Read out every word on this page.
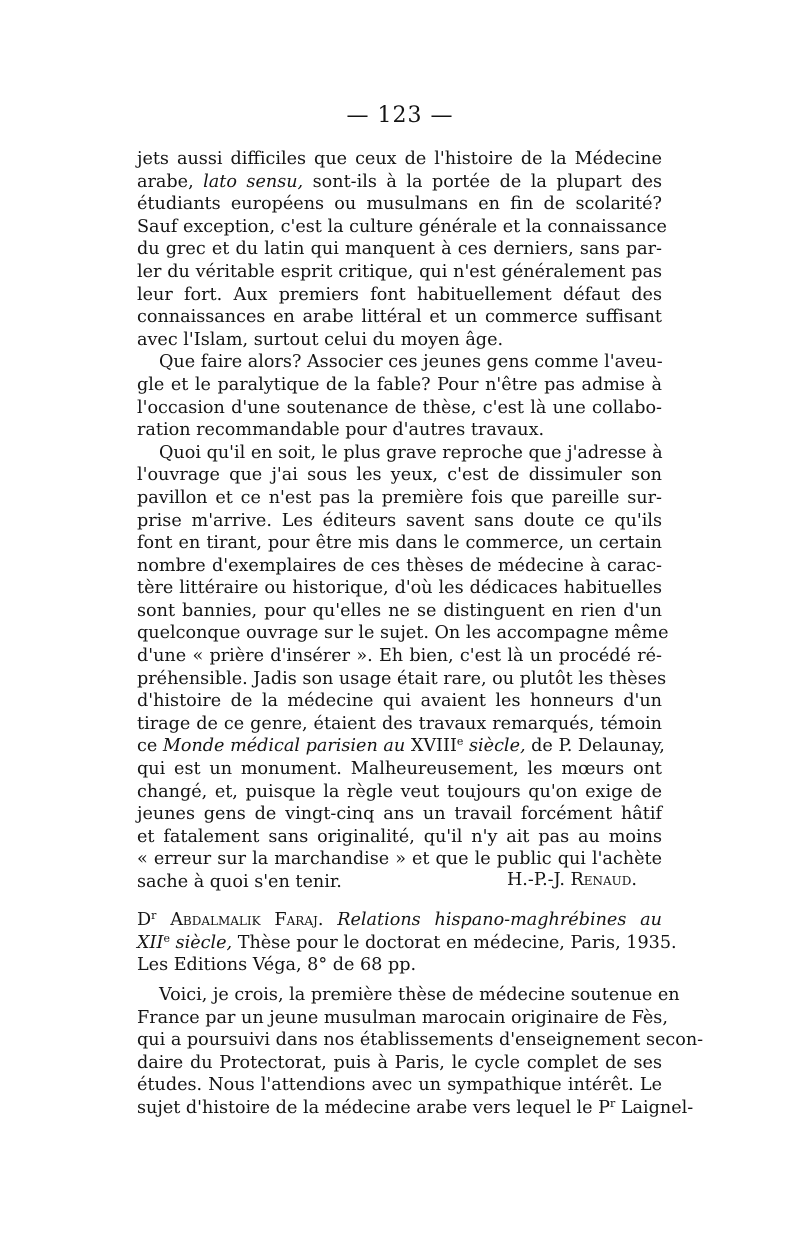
— 123 —
jets aussi difficiles que ceux de l'histoire de la Médecine
arabe, lato sensu, sont-ils à la portée de la plupart des
étudiants européens ou musulmans en fin de scolarité?
Sauf exception, c'est la culture générale et la connaissance
du grec et du latin qui manquent à ces derniers, sans par-
ler du véritable esprit critique, qui n'est généralement pas
leur fort. Aux premiers font habituellement défaut des
connaissances en arabe littéral et un commerce suffisant
avec l'Islam, surtout celui du moyen âge.
Que faire alors? Associer ces jeunes gens comme l'aveu-
gle et le paralytique de la fable? Pour n'être pas admise à
l'occasion d'une soutenance de thèse, c'est là une collabo-
ration recommandable pour d'autres travaux.
Quoi qu'il en soit, le plus grave reproche que j'adresse à
l'ouvrage que j'ai sous les yeux, c'est de dissimuler son
pavillon et ce n'est pas la première fois que pareille sur-
prise m'arrive. Les éditeurs savent sans doute ce qu'ils
font en tirant, pour être mis dans le commerce, un certain
nombre d'exemplaires de ces thèses de médecine à carac-
tère littéraire ou historique, d'où les dédicaces habituelles
sont bannies, pour qu'elles ne se distinguent en rien d'un
quelconque ouvrage sur le sujet. On les accompagne même
d'une « prière d'insérer ». Eh bien, c'est là un procédé ré-
préhensible. Jadis son usage était rare, ou plutôt les thèses
d'histoire de la médecine qui avaient les honneurs d'un
tirage de ce genre, étaient des travaux remarqués, témoin
ce Monde médical parisien au XVIIIe siècle, de P. Delaunay,
qui est un monument. Malheureusement, les mœurs ont
changé, et, puisque la règle veut toujours qu'on exige de
jeunes gens de vingt-cinq ans un travail forcément hâtif
et fatalement sans originalité, qu'il n'y ait pas au moins
« erreur sur la marchandise » et que le public qui l'achète
sache à quoi s'en tenir.	H.-P.-J. Renaud.
$D^r$ Abdalmalik Faraj. Relations hispano-maghrébines au
XIIe siècle, Thèse pour le doctorat en médecine, Paris, 1935.
Les Editions Véga, 8° de 68 pp.
Voici, je crois, la première thèse de médecine soutenue en
France par un jeune musulman marocain originaire de Fès,
qui a poursuivi dans nos établissements d'enseignement secon-
daire du Protectorat, puis à Paris, le cycle complet de ses
études. Nous l'attendions avec un sympathique intérêt. Le
sujet d'histoire de la médecine arabe vers lequel le $P^r$ Laignel-
